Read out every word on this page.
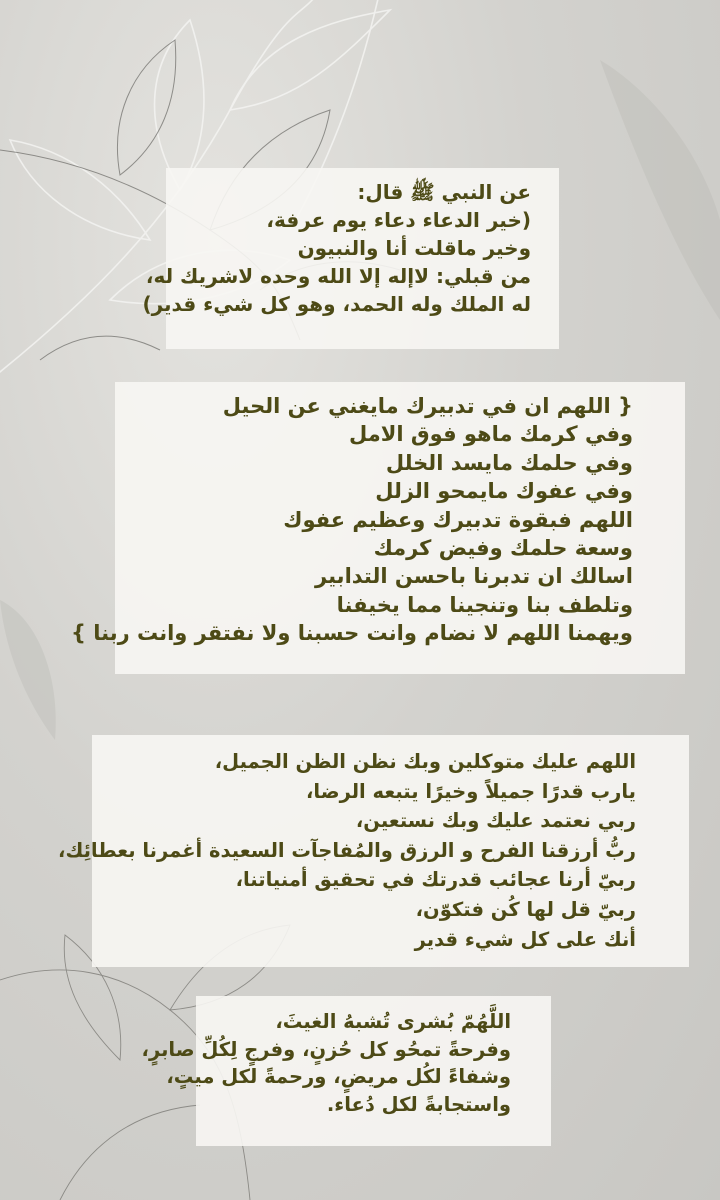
عن النبي ﷺ قال:
(خير الدعاء دعاء يوم عرفة،
وخير ماقلت أنا والنبيون
من قبلي: لاإله إلا الله وحده لاشريك له،
له الملك وله الحمد، وهو كل شيء قدير)
{ اللهم ان في تدبيرك مايغني عن الحيل
وفي كرمك ماهو فوق الامل
وفي حلمك مايسد الخلل
وفي عفوك مايمحو الزلل
اللهم فبقوة تدبيرك وعظيم عفوك
وسعة حلمك وفيض كرمك
اسالك ان تدبرنا باحسن التدابير
وتلطف بنا وتنجينا مما يخيفنا
ويهمنا اللهم لا نضام وانت حسبنا ولا نفتقر وانت ربنا }
اللهم عليك متوكلين وبك نظن الظن الجميل،
يارب قدرًا جميلاً وخيرًا يتبعه الرضا،
ربي نعتمد عليك وبك نستعين،
ربُّ أرزقنا الفرح و الرزق والمُفاجآت السعيدة أغمرنا بعطائِك،
ربيّ أرنا عجائب قدرتك في تحقيق أمنياتنا،
ربيّ قل لها كُن فتكوّن،
أنك على كل شيء قدير
اللَّهُمّ بُشرى تُشبهُ الغيثَ،
وفرحةً تمحُو كل حُزنٍ، وفرجٍ لِكُلِّ صابرٍ،
وشفاءً لكُل مريضٍ، ورحمةً لكل ميتٍ،
واستجابةً لكل دُعاء.
